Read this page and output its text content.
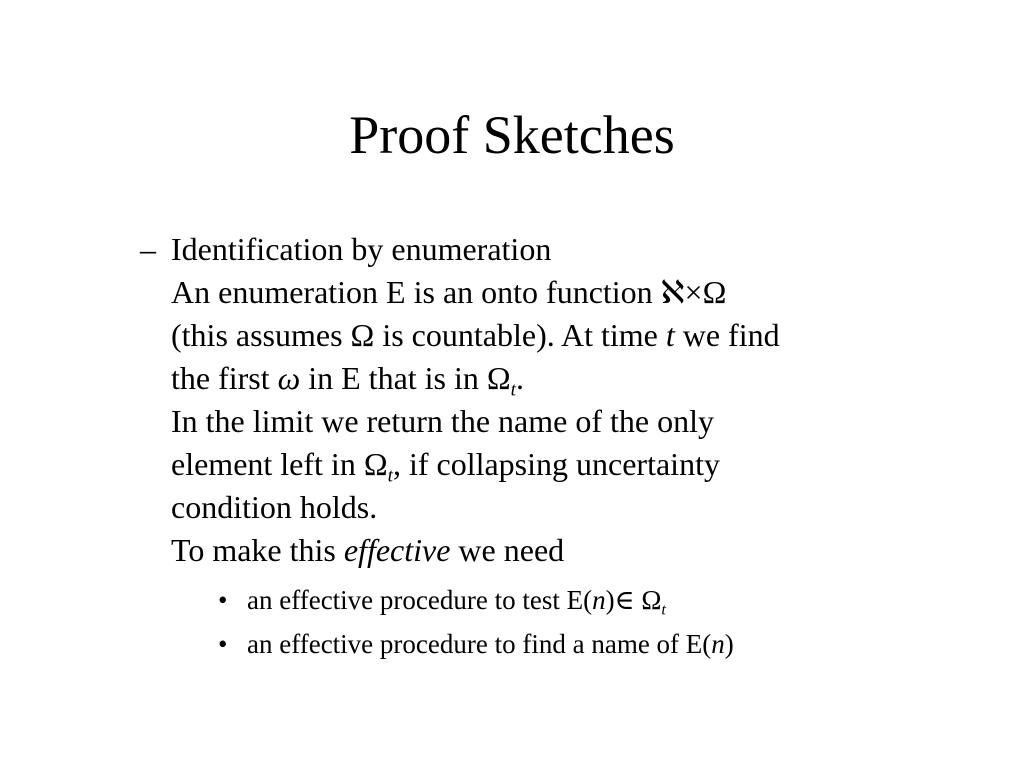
Proof Sketches
– Identification by enumeration
An enumeration E is an onto function ℵ×Ω
(this assumes Ω is countable). At time t we find
the first ω in E that is in $\Omega_t$.
In the limit we return the name of the only
element left in $\Omega_t$, if collapsing uncertainty
condition holds.
To make this effective we need
• an effective procedure to test E(n)∈ $\Omega_t$
• an effective procedure to find a name of E(n)
